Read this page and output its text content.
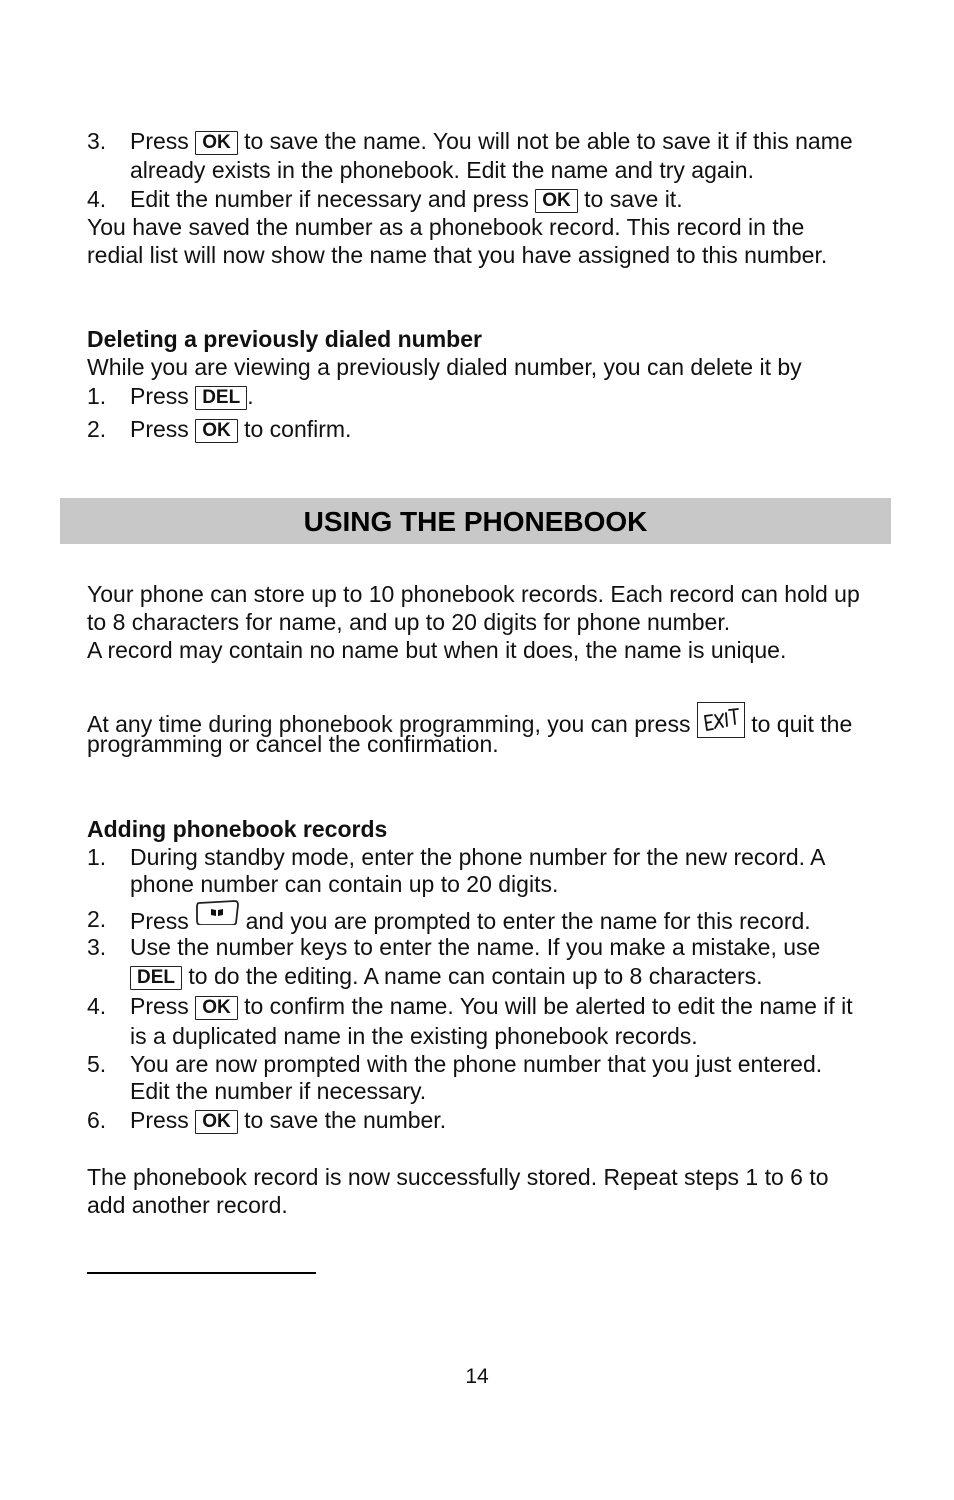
3. Press OK to save the name. You will not be able to save it if this name
already exists in the phonebook. Edit the name and try again.
4. Edit the number if necessary and press OK to save it.
You have saved the number as a phonebook record. This record in the
redial list will now show the name that you have assigned to this number.
Deleting a previously dialed number
While you are viewing a previously dialed number, you can delete it by
1. Press DEL .
2. Press OK to confirm.
USING THE PHONEBOOK
Your phone can store up to 10 phonebook records. Each record can hold up
to 8 characters for name, and up to 20 digits for phone number.
A record may contain no name but when it does, the name is unique.
At any time during phonebook programming, you can press	to quit the
programming or cancel the confirmation.
Adding phonebook records
1. During standby mode, enter the phone number for the new record. A
phone number can contain up to 20 digits.
2. Press and you are prompted to enter the name for this record.
3. Use the number keys to enter the name. If you make a mistake, use
DEL to do the editing. A name can contain up to 8 characters.
4. Press OK to confirm the name. You will be alerted to edit the name if it
is a duplicated name in the existing phonebook records.
5. You are now prompted with the phone number that you just entered.
Edit the number if necessary.
6. Press OK to save the number.
The phonebook record is now successfully stored. Repeat steps 1 to 6 to
add another record.
14
